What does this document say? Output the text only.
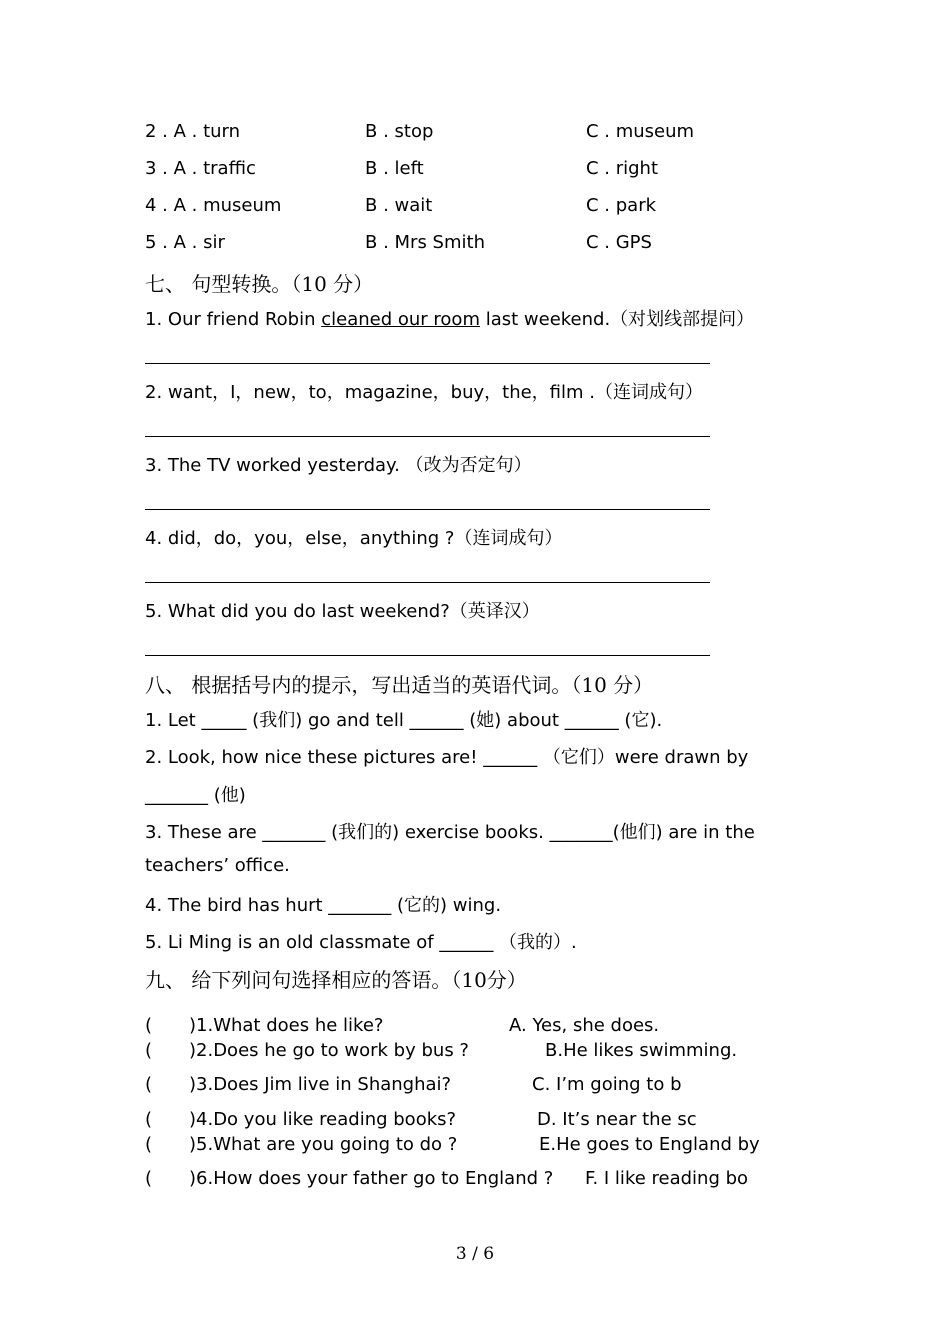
2 . A . turn	B . stop	C . museum
3 . A . traffic	B . left	C . right
4 . A . museum	B . wait	C . park
5 . A . sir	B . Mrs Smith	C . GPS
七、 句型转换。（10 分）
1. Our friend Robin cleaned our room last weekend.（对划线部提问）
2. want，I，new，to，magazine，buy，the，film .（连词成句）
3. The TV worked yesterday. （改为否定句）
4. did，do，you，else，anything ?（连词成句）
5. What did you do last weekend?（英译汉）
八、 根据括号内的提示，写出适当的英语代词。（10 分）
1. Let _____ (我们) go and tell ______ (她) about ______ (它).
2. Look, how nice these pictures are! ______ （它们）were drawn by
_______ (他)
3. These are _______ (我们的) exercise books. _______(他们) are in the
teachers’ office.
4. The bird has hurt _______ (它的) wing.
5. Li Ming is an old classmate of ______ （我的）.
九、 给下列问句选择相应的答语。（10分）
( )1.What does he like?	A. Yes, she does.
( )2.Does he go to work by bus ?	B.He likes swimming.
( )3.Does Jim live in Shanghai?	C. I’m going to b
( )4.Do you like reading books?	D. It’s near the sc
( )5.What are you going to do ?	E.He goes to England by
( )6.How does your father go to England ? F. I like reading bo
3 / 6
